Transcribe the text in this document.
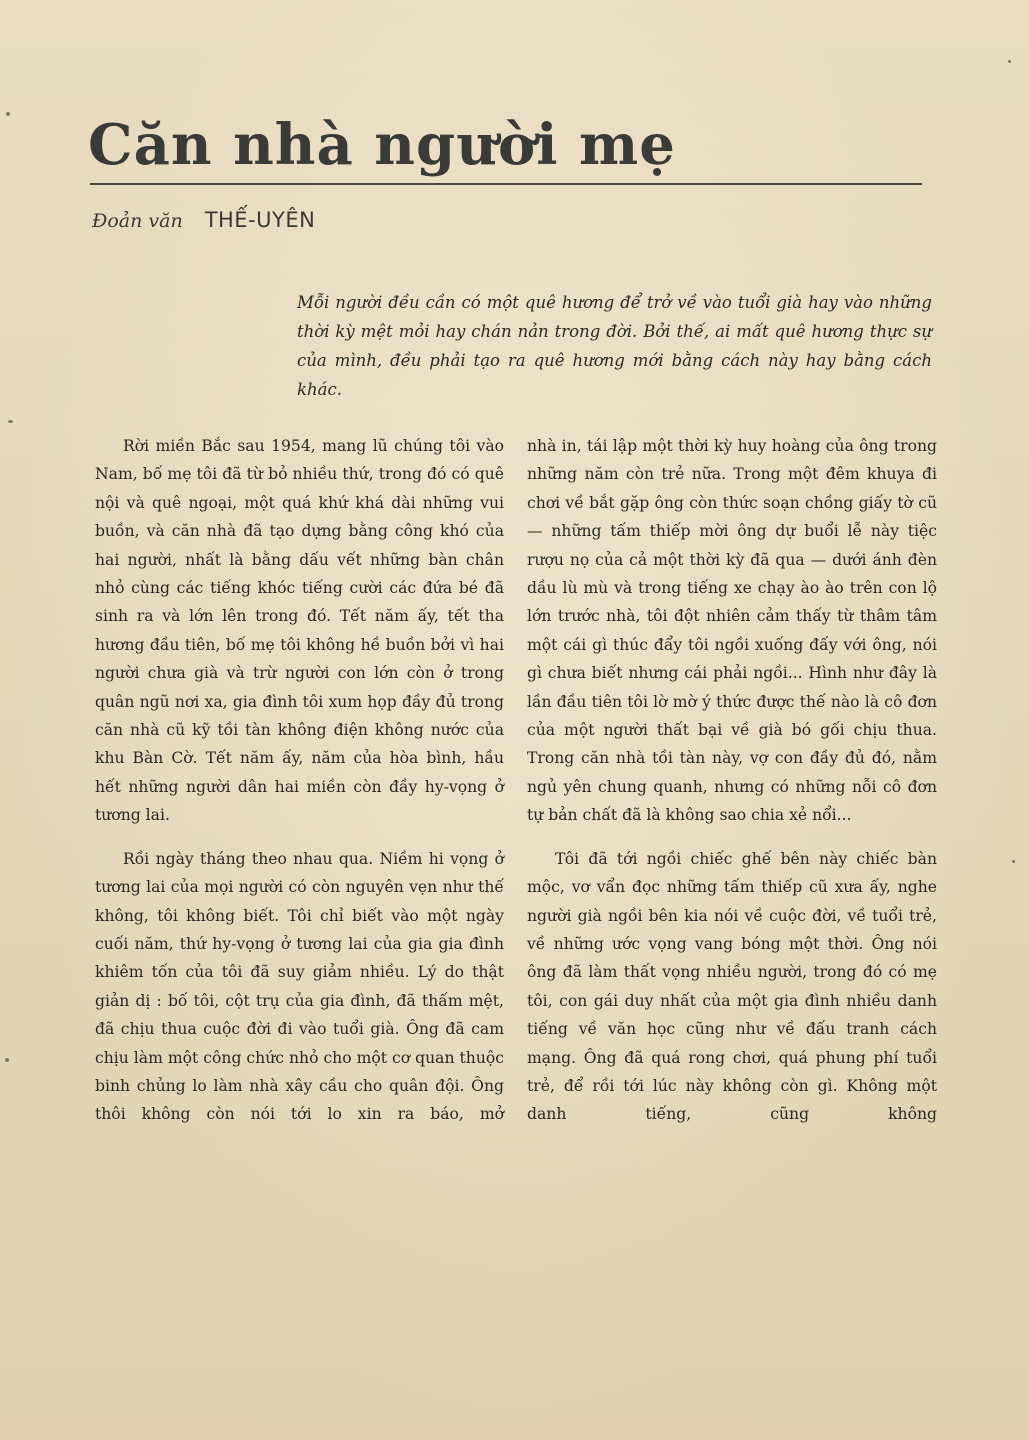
Căn nhà người mẹ
Đoản văn THẾ-UYÊN

Mỗi người đều cần có một quê hương để trở về vào tuổi già hay vào những thời kỳ mệt mỏi hay chán nản trong đời. Bởi thế, ai mất quê hương thực sự của mình, đều phải tạo ra quê hương mới bằng cách này hay bằng cách khác.

Rời miền Bắc sau 1954, mang lũ chúng tôi vào Nam, bố mẹ tôi đã từ bỏ nhiều thứ, trong đó có quê nội và quê ngoại, một quá khứ khá dài những vui buồn, và căn nhà đã tạo dựng bằng công khó của hai người, nhất là bằng dấu vết những bàn chân nhỏ cùng các tiếng khóc tiếng cười các đứa bé đã sinh ra và lớn lên trong đó. Tết năm ấy, tết tha hương đầu tiên, bố mẹ tôi không hề buồn bởi vì hai người chưa già và trừ người con lớn còn ở trong quân ngũ nơi xa, gia đình tôi xum họp đầy đủ trong căn nhà cũ kỹ tồi tàn không điện không nước của khu Bàn Cờ. Tết năm ấy, năm của hòa bình, hầu hết những người dân hai miền còn đầy hy-vọng ở tương lai.

Rồi ngày tháng theo nhau qua. Niềm hi vọng ở tương lai của mọi người có còn nguyên vẹn như thế không, tôi không biết. Tôi chỉ biết vào một ngày cuối năm, thứ hy-vọng ở tương lai của gia gia đình khiêm tốn của tôi đã suy giảm nhiều. Lý do thật giản dị : bố tôi, cột trụ của gia đình, đã thấm mệt, đã chịu thua cuộc đời đi vào tuổi già. Ông đã cam chịu làm một công chức nhỏ cho một cơ quan thuộc binh chủng lo làm nhà xây cầu cho quân đội. Ông thôi không còn nói tới lo xin ra báo, mở

nhà in, tái lập một thời kỳ huy hoàng của ông trong những năm còn trẻ nữa. Trong một đêm khuya đi chơi về bắt gặp ông còn thức soạn chồng giấy tờ cũ — những tấm thiếp mời ông dự buổi lễ này tiệc rượu nọ của cả một thời kỳ đã qua — dưới ánh đèn dầu lù mù và trong tiếng xe chạy ào ào trên con lộ lớn trước nhà, tôi đột nhiên cảm thấy từ thâm tâm một cái gì thúc đẩy tôi ngồi xuống đấy với ông, nói gì chưa biết nhưng cái phải ngồi... Hình như đây là lần đầu tiên tôi lờ mờ ý thức được thế nào là cô đơn của một người thất bại về già bó gối chịu thua. Trong căn nhà tồi tàn này, vợ con đầy đủ đó, nằm ngủ yên chung quanh, nhưng có những nỗi cô đơn tự bản chất đã là không sao chia xẻ nổi...

Tôi đã tới ngồi chiếc ghế bên này chiếc bàn mộc, vơ vẩn đọc những tấm thiếp cũ xưa ấy, nghe người già ngồi bên kia nói về cuộc đời, về tuổi trẻ, về những ước vọng vang bóng một thời. Ông nói ông đã làm thất vọng nhiều người, trong đó có mẹ tôi, con gái duy nhất của một gia đình nhiều danh tiếng về văn học cũng như về đấu tranh cách mạng. Ông đã quá rong chơi, quá phung phí tuổi trẻ, để rồi tới lúc này không còn gì. Không một danh tiếng, cũng không
